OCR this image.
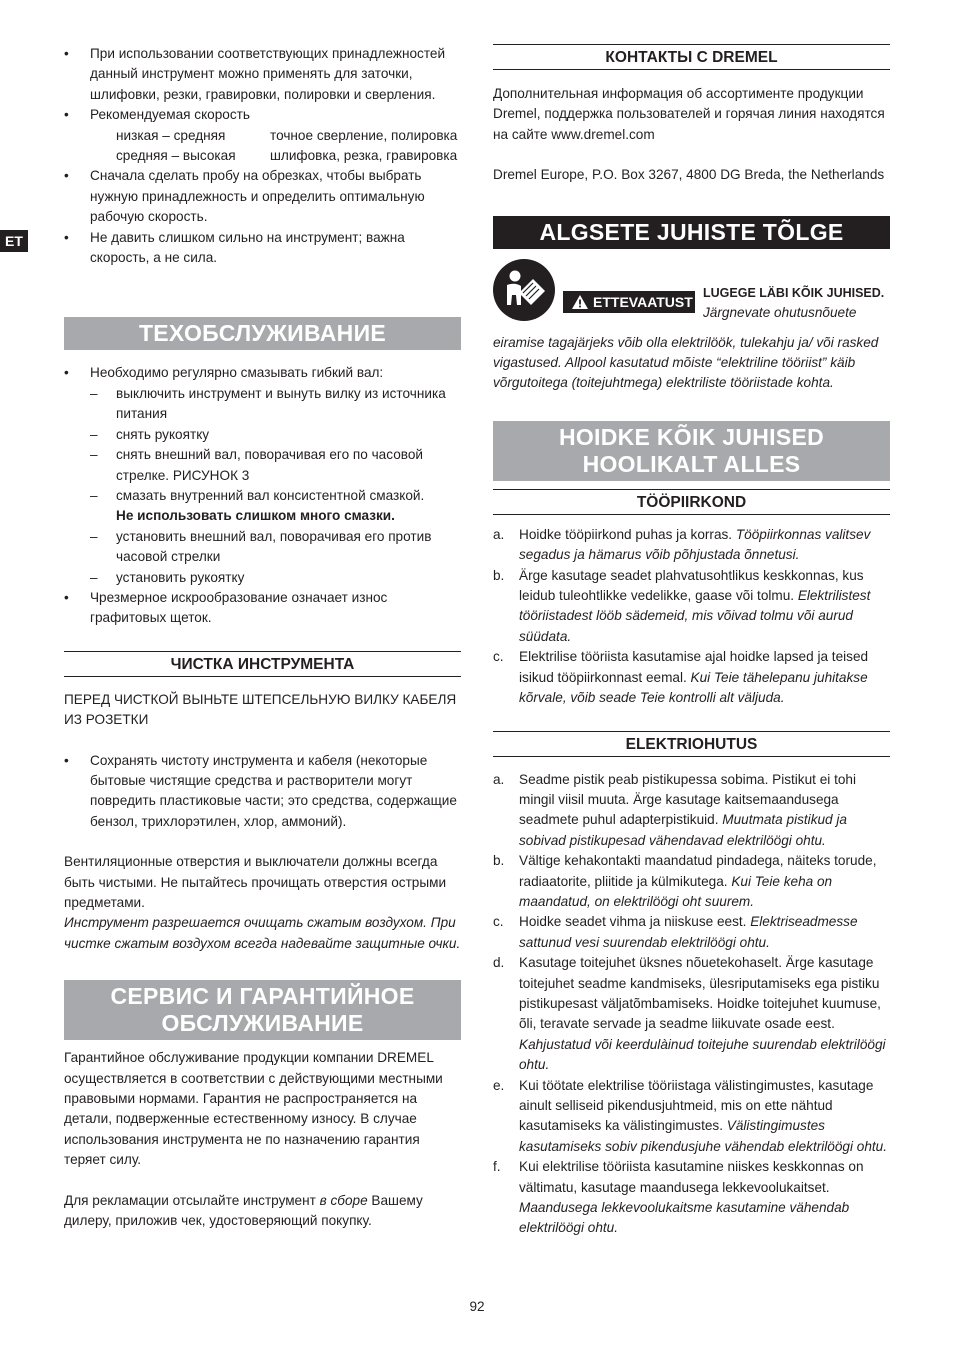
ET
• При использовании соответствующих принадлежностей данный инструмент можно применять для заточки, шлифовки, резки, гравировки, полировки и сверления.
• Рекомендуемая скорость
низкая – средняя	точное сверление, полировка
средняя – высокая	шлифовка, резка, гравировка
• Сначала сделать пробу на обрезках, чтобы выбрать нужную принадлежность и определить оптимальную рабочую скорость.
• Не давить слишком сильно на инструмент; важна скорость, а не сила.
ТЕХОБСЛУЖИВАНИЕ
• Необходимо регулярно смазывать гибкий вал:
– выключить инструмент и вынуть вилку из источника питания
– снять рукоятку
– снять внешний вал, поворачивая его по часовой стрелке. РИСУНОК 3
– смазать внутренний вал консистентной смазкой.
Не использовать слишком много смазки.
– установить внешний вал, поворачивая его против часовой стрелки
– установить рукоятку
• Чрезмерное искрообразование означает износ графитовых щеток.
ЧИСТКА ИНСТРУМЕНТА

ПЕРЕД ЧИСТКОЙ ВЫНЬТЕ ШТЕПСЕЛЬНУЮ ВИЛКУ КАБЕЛЯ ИЗ РОЗЕТКИ

• Сохранять чистоту инструмента и кабеля (некоторые бытовые чистящие средства и растворители могут повредить пластиковые части; это средства, содержащие бензол, трихлорэтилен, хлор, аммоний).

Вентиляционные отверстия и выключатели должны всегда быть чистыми. Не пытайтесь прочищать отверстия острыми предметами.

Инструмент разрешается очищать сжатым воздухом. При чистке сжатым воздухом всегда надевайте защитные очки.

СЕРВИС И ГАРАНТИЙНОЕ
ОБСЛУЖИВАНИЕ

Гарантийное обслуживание продукции компании DREMEL осуществляется в соответствии с действующими местными правовыми нормами. Гарантия не распространяется на детали, подверженные естественному износу. В случае использования инструмента не по назначению гарантия теряет силу.

Для рекламации отсылайте инструмент в сборе Вашему дилеру, приложив чек, удостоверяющий покупку.

КОНТАКТЫ С DREMEL

Дополнительная информация об ассортименте продукции Dremel, поддержка пользователей и горячая линия находятся на сайте www.dremel.com

Dremel Europe, P.O. Box 3267, 4800 DG Breda, the Netherlands

ALGSETE JUHISTE TÕLGE
ETTEVAATUST
LUGEGE LÄBI KÕIK JUHISED.
Järgnevate ohutusnõuete

eiramise tagajärjeks võib olla elektrilöök, tulekahju ja/ või rasked vigastused. Allpool kasutatud mõiste “elektriline tööriist” käib võrgutoitega (toitejuhtmega) elektriliste tööriistade kohta.

HOIDKE KÕIK JUHISED
HOOLIKALT ALLES
TÖÖPIIRKOND
a. Hoidke tööpiirkond puhas ja korras. Tööpiirkonnas valitsev segadus ja hämarus võib põhjustada õnnetusi.
b. Ärge kasutage seadet plahvatusohtlikus keskkonnas, kus leidub tuleohtlikke vedelikke, gaase või tolmu. Elektrilistest tööriistadest lööb sädemeid, mis võivad tolmu või aurud süüdata.
c. Elektrilise tööriista kasutamise ajal hoidke lapsed ja teised isikud tööpiirkonnast eemal. Kui Teie tähelepanu juhitakse kõrvale, võib seade Teie kontrolli alt väljuda.
ELEKTRIOHUTUS
a. Seadme pistik peab pistikupessa sobima. Pistikut ei tohi mingil viisil muuta. Ärge kasutage kaitsemaandusega seadmete puhul adapterpistikuid. Muutmata pistikud ja sobivad pistikupesad vähendavad elektrilöögi ohtu.
b. Vältige kehakontakti maandatud pindadega, näiteks torude, radiaatorite, pliitide ja külmikutega. Kui Teie keha on maandatud, on elektrilöögi oht suurem.
c. Hoidke seadet vihma ja niiskuse eest. Elektriseadmesse sattunud vesi suurendab elektrilöögi ohtu.
d. Kasutage toitejuhet üksnes nõuetekohaselt. Ärge kasutage toitejuhet seadme kandmiseks, ülesriputamiseks ega pistiku pistikupesast väljatõmbamiseks. Hoidke toitejuhet kuumuse, õli, teravate servade ja seadme liikuvate osade eest. Kahjustatud või keerdulàinud toitejuhe suurendab elektrilöögi ohtu.
e. Kui töötate elektrilise tööriistaga välistingimustes, kasutage ainult selliseid pikendusjuhtmeid, mis on ette nähtud kasutamiseks ka välistingimustes. Välistingimustes kasutamiseks sobiv pikendusjuhe vähendab elektrilöögi ohtu.
f. Kui elektrilise tööriista kasutamine niiskes keskkonnas on vältimatu, kasutage maandusega lekkevoolukaitset. Maandusega lekkevoolukaitsme kasutamine vähendab elektrilöögi ohtu.
92
